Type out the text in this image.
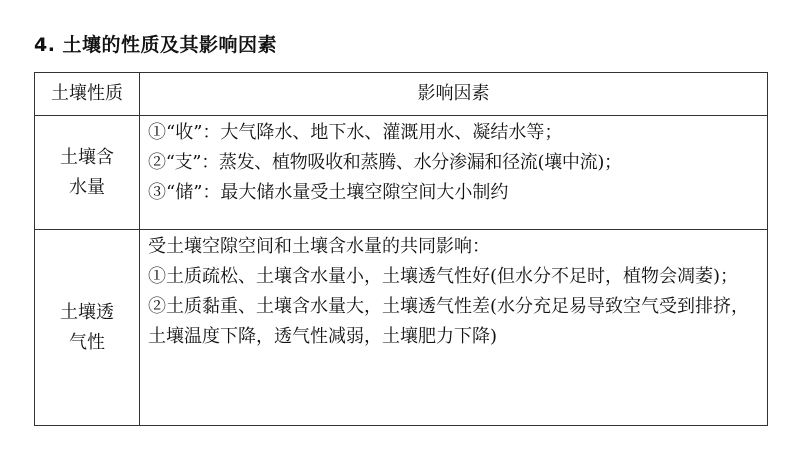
4. 土壤的性质及其影响因素
土壤性质	影响因素

土壤含
水量	①“收”：大气降水、地下水、灌溉用水、凝结水等；
②“支”：蒸发、植物吸收和蒸腾、水分渗漏和径流(壤中流)；
③“储”：最大储水量受土壤空隙空间大小制约

土壤透
气性	受土壤空隙空间和土壤含水量的共同影响：
①土质疏松、土壤含水量小，土壤透气性好(但水分不足时，植物会凋萎)；
②土质黏重、土壤含水量大，土壤透气性差(水分充足易导致空气受到排挤，土壤温度下降，透气性减弱，土壤肥力下降)
